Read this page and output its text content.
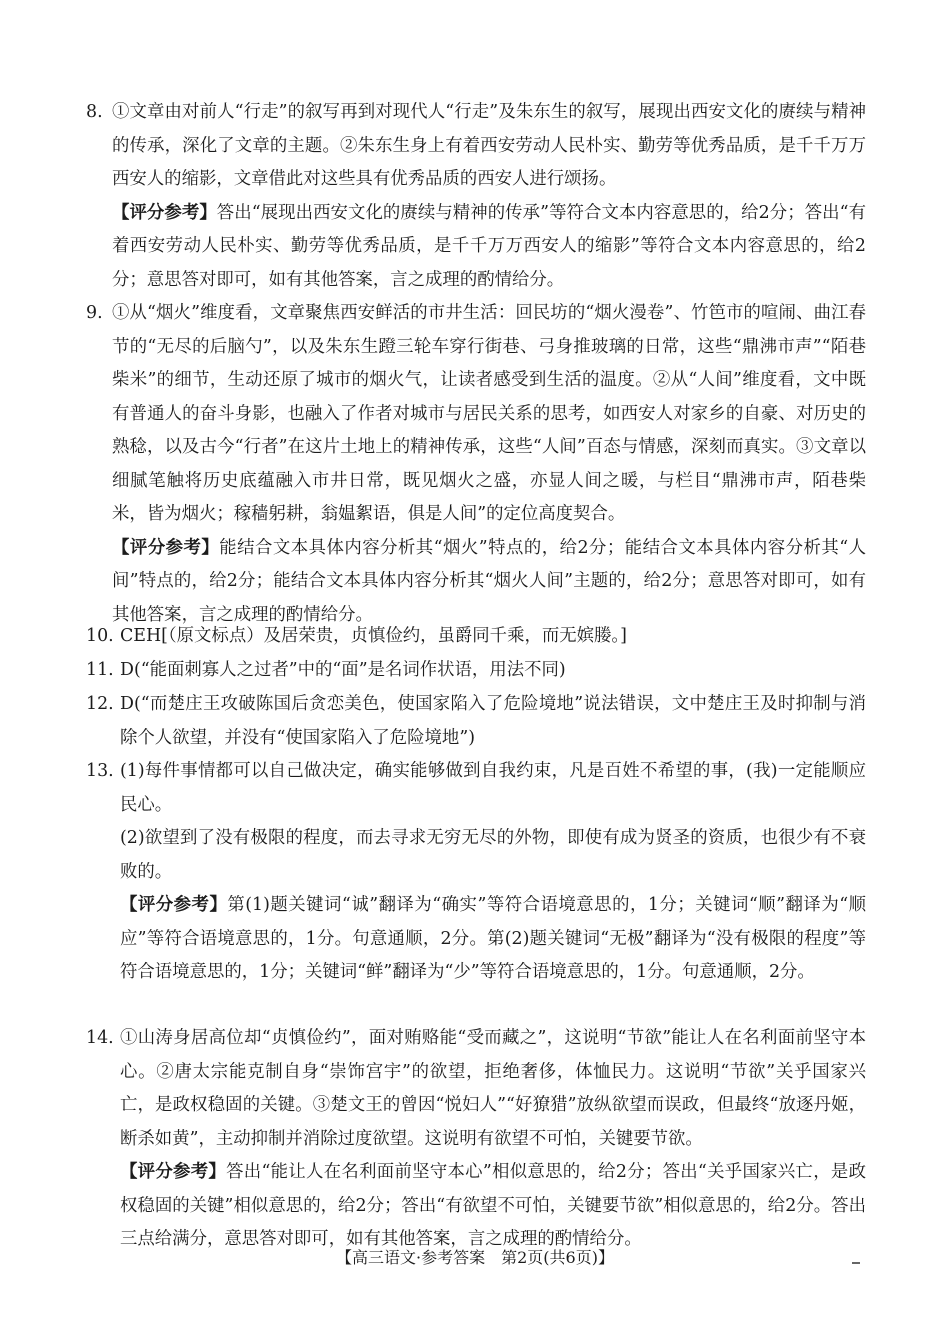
8. ①文章由对前人“行走”的叙写再到对现代人“行走”及朱东生的叙写，展现出西安文化的赓续与精神的传承，深化了文章的主题。②朱东生身上有着西安劳动人民朴实、勤劳等优秀品质，是千千万万西安人的缩影，文章借此对这些具有优秀品质的西安人进行颂扬。
【评分参考】答出“展现出西安文化的赓续与精神的传承”等符合文本内容意思的，给2分；答出“有着西安劳动人民朴实、勤劳等优秀品质，是千千万万西安人的缩影”等符合文本内容意思的，给2分；意思答对即可，如有其他答案，言之成理的酌情给分。
9. ①从“烟火”维度看，文章聚焦西安鲜活的市井生活：回民坊的“烟火漫卷”、竹笆市的喧闹、曲江春节的“无尽的后脑勺”，以及朱东生蹬三轮车穿行街巷、弓身推玻璃的日常，这些“鼎沸市声”“陌巷柴米”的细节，生动还原了城市的烟火气，让读者感受到生活的温度。②从“人间”维度看，文中既有普通人的奋斗身影，也融入了作者对城市与居民关系的思考，如西安人对家乡的自豪、对历史的熟稔，以及古今“行者”在这片土地上的精神传承，这些“人间”百态与情感，深刻而真实。③文章以细腻笔触将历史底蕴融入市井日常，既见烟火之盛，亦显人间之暖，与栏目“鼎沸市声，陌巷柴米，皆为烟火；稼穑躬耕，翁媪絮语，俱是人间”的定位高度契合。
【评分参考】能结合文本具体内容分析其“烟火”特点的，给2分；能结合文本具体内容分析其“人间”特点的，给2分；能结合文本具体内容分析其“烟火人间”主题的，给2分；意思答对即可，如有其他答案，言之成理的酌情给分。
10. CEH[（原文标点）及居荣贵，贞慎俭约，虽爵同千乘，而无嫔媵。]
11. D(“能面刺寡人之过者”中的“面”是名词作状语，用法不同)
12. D(“而楚庄王攻破陈国后贪恋美色，使国家陷入了危险境地”说法错误，文中楚庄王及时抑制与消除个人欲望，并没有“使国家陷入了危险境地”)
13. (1)每件事情都可以自己做决定，确实能够做到自我约束，凡是百姓不希望的事，(我)一定能顺应民心。
(2)欲望到了没有极限的程度，而去寻求无穷无尽的外物，即使有成为贤圣的资质，也很少有不衰败的。
【评分参考】第(1)题关键词“诚”翻译为“确实”等符合语境意思的，1分；关键词“顺”翻译为“顺应”等符合语境意思的，1分。句意通顺，2分。第(2)题关键词“无极”翻译为“没有极限的程度”等符合语境意思的，1分；关键词“鲜”翻译为“少”等符合语境意思的，1分。句意通顺，2分。
14. ①山涛身居高位却“贞慎俭约”，面对贿赂能“受而藏之”，这说明“节欲”能让人在名利面前坚守本心。②唐太宗能克制自身“崇饰宫宇”的欲望，拒绝奢侈，体恤民力。这说明“节欲”关乎国家兴亡，是政权稳固的关键。③楚文王的曾因“悦妇人”“好獠猎”放纵欲望而误政，但最终“放逐丹姬，断杀如黄”，主动抑制并消除过度欲望。这说明有欲望不可怕，关键要节欲。
【评分参考】答出“能让人在名利面前坚守本心”相似意思的，给2分；答出“关乎国家兴亡，是政权稳固的关键”相似意思的，给2分；答出“有欲望不可怕，关键要节欲”相似意思的，给2分。答出三点给满分，意思答对即可，如有其他答案，言之成理的酌情给分。
【高三语文·参考答案　第2页(共6页)】
